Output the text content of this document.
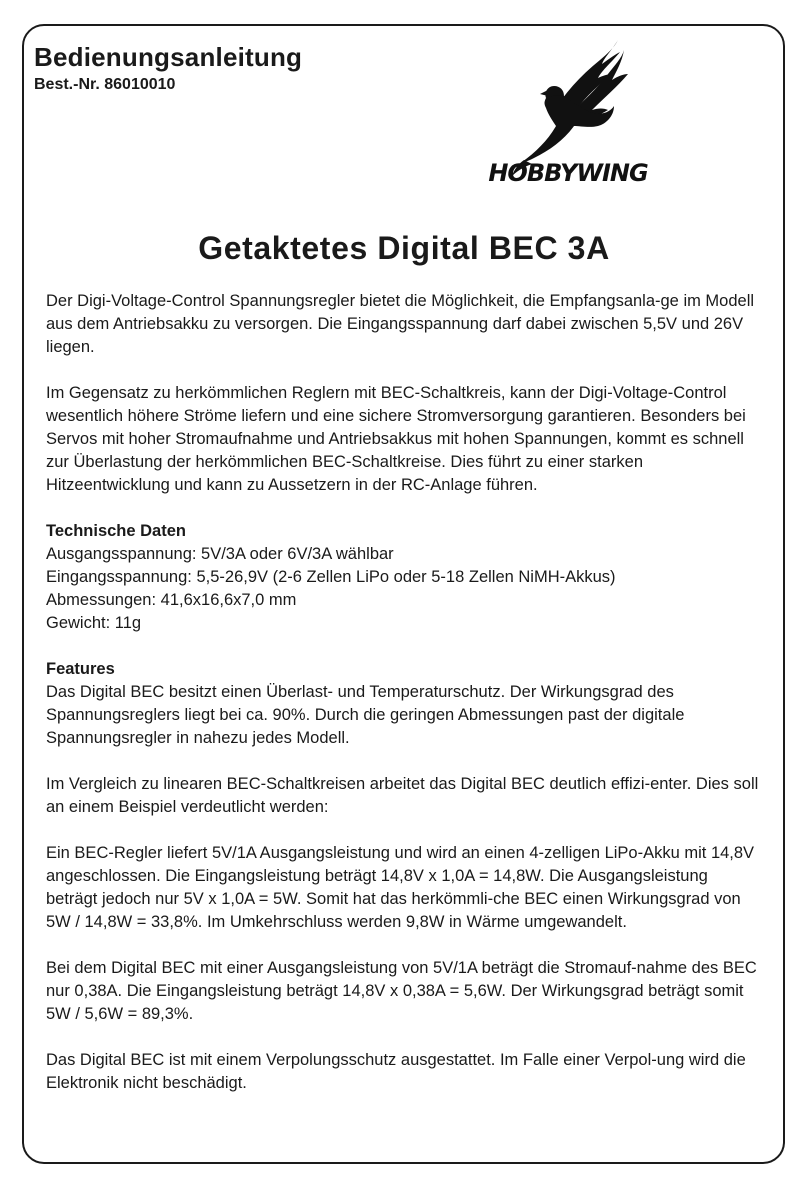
Bedienungsanleitung
Best.-Nr. 86010010
HOBBYWING
Getaktetes Digital BEC 3A

Der Digi-Voltage-Control Spannungsregler bietet die Möglichkeit, die Empfangsanla-ge im Modell aus dem Antriebsakku zu versorgen. Die Eingangsspannung darf dabei zwischen 5,5V und 26V liegen.

Im Gegensatz zu herkömmlichen Reglern mit BEC-Schaltkreis, kann der Digi-Voltage-Control wesentlich höhere Ströme liefern und eine sichere Stromversorgung garantieren. Besonders bei Servos mit hoher Stromaufnahme und Antriebsakkus mit hohen Spannungen, kommt es schnell zur Überlastung der herkömmlichen BEC-Schaltkreise. Dies führt zu einer starken Hitzeentwicklung und kann zu Aussetzern in der RC-Anlage führen.

Technische Daten
Ausgangsspannung: 5V/3A oder 6V/3A wählbar
Eingangsspannung: 5,5-26,9V (2-6 Zellen LiPo oder 5-18 Zellen NiMH-Akkus)
Abmessungen: 41,6x16,6x7,0 mm
Gewicht: 11g
Features

Das Digital BEC besitzt einen Überlast- und Temperaturschutz. Der Wirkungsgrad des Spannungsreglers liegt bei ca. 90%. Durch die geringen Abmessungen past der digitale Spannungsregler in nahezu jedes Modell.

Im Vergleich zu linearen BEC-Schaltkreisen arbeitet das Digital BEC deutlich effizi-enter. Dies soll an einem Beispiel verdeutlicht werden:

Ein BEC-Regler liefert 5V/1A Ausgangsleistung und wird an einen 4-zelligen LiPo-Akku mit 14,8V angeschlossen. Die Eingangsleistung beträgt 14,8V x 1,0A = 14,8W. Die Ausgangsleistung beträgt jedoch nur 5V x 1,0A = 5W. Somit hat das herkömmli-che BEC einen Wirkungsgrad von 5W / 14,8W = 33,8%. Im Umkehrschluss werden 9,8W in Wärme umgewandelt.

Bei dem Digital BEC mit einer Ausgangsleistung von 5V/1A beträgt die Stromauf-nahme des BEC nur 0,38A. Die Eingangsleistung beträgt 14,8V x 0,38A = 5,6W. Der Wirkungsgrad beträgt somit 5W / 5,6W = 89,3%.

Das Digital BEC ist mit einem Verpolungsschutz ausgestattet. Im Falle einer Verpol-ung wird die Elektronik nicht beschädigt.
